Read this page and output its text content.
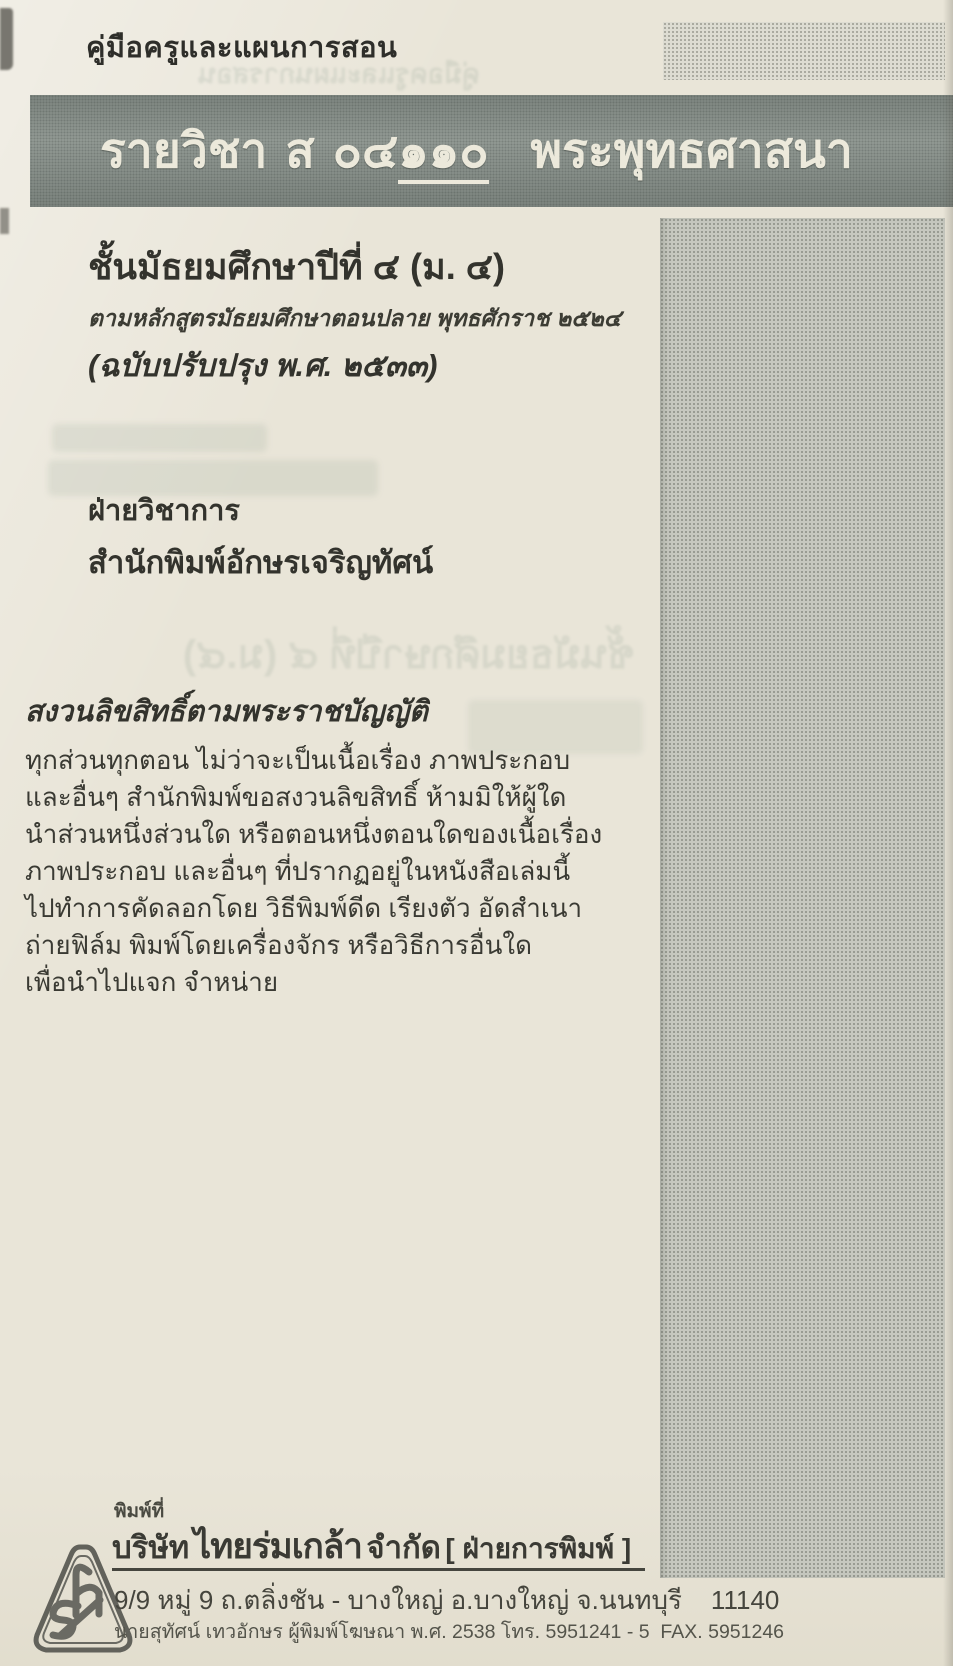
คู่มือครูและแผนการสอน
ชั้นมัธยมศึกษาปีที่ ๔ (ม.๔)
คู่มือครูและแผนการสอน
รายวิชา ส ๐๔๑๑๐ พระพุทธศาสนา
ชั้นมัธยมศึกษาปีที่ ๔ (ม. ๔)
ตามหลักสูตรมัธยมศึกษาตอนปลาย พุทธศักราช ๒๕๒๔
(ฉบับปรับปรุง พ.ศ. ๒๕๓๓)
ฝ่ายวิชาการ
สำนักพิมพ์อักษรเจริญทัศน์
สงวนลิขสิทธิ์ตามพระราชบัญญัติ
ทุกส่วนทุกตอน ไม่ว่าจะเป็นเนื้อเรื่อง ภาพประกอบ
และอื่นๆ สำนักพิมพ์ขอสงวนลิขสิทธิ์ ห้ามมิให้ผู้ใด
นำส่วนหนึ่งส่วนใด หรือตอนหนึ่งตอนใดของเนื้อเรื่อง
ภาพประกอบ และอื่นๆ ที่ปรากฏอยู่ในหนังสือเล่มนี้
ไปทำการคัดลอกโดย วิธีพิมพ์ดีด เรียงตัว อัดสำเนา
ถ่ายฟิล์ม พิมพ์โดยเครื่องจักร หรือวิธีการอื่นใด
เพื่อนำไปแจก จำหน่าย
พิมพ์ที่
บริษัท ไทยร่มเกล้า จำกัด [ ฝ่ายการพิมพ์ ]
9/9 หมู่ 9 ถ.ตลิ่งชัน - บางใหญ่ อ.บางใหญ่ จ.นนทบุรี    11140
นายสุทัศน์ เทวอักษร ผู้พิมพ์โฆษณา พ.ศ. 2538 โทร. 5951241 - 5  FAX. 5951246
